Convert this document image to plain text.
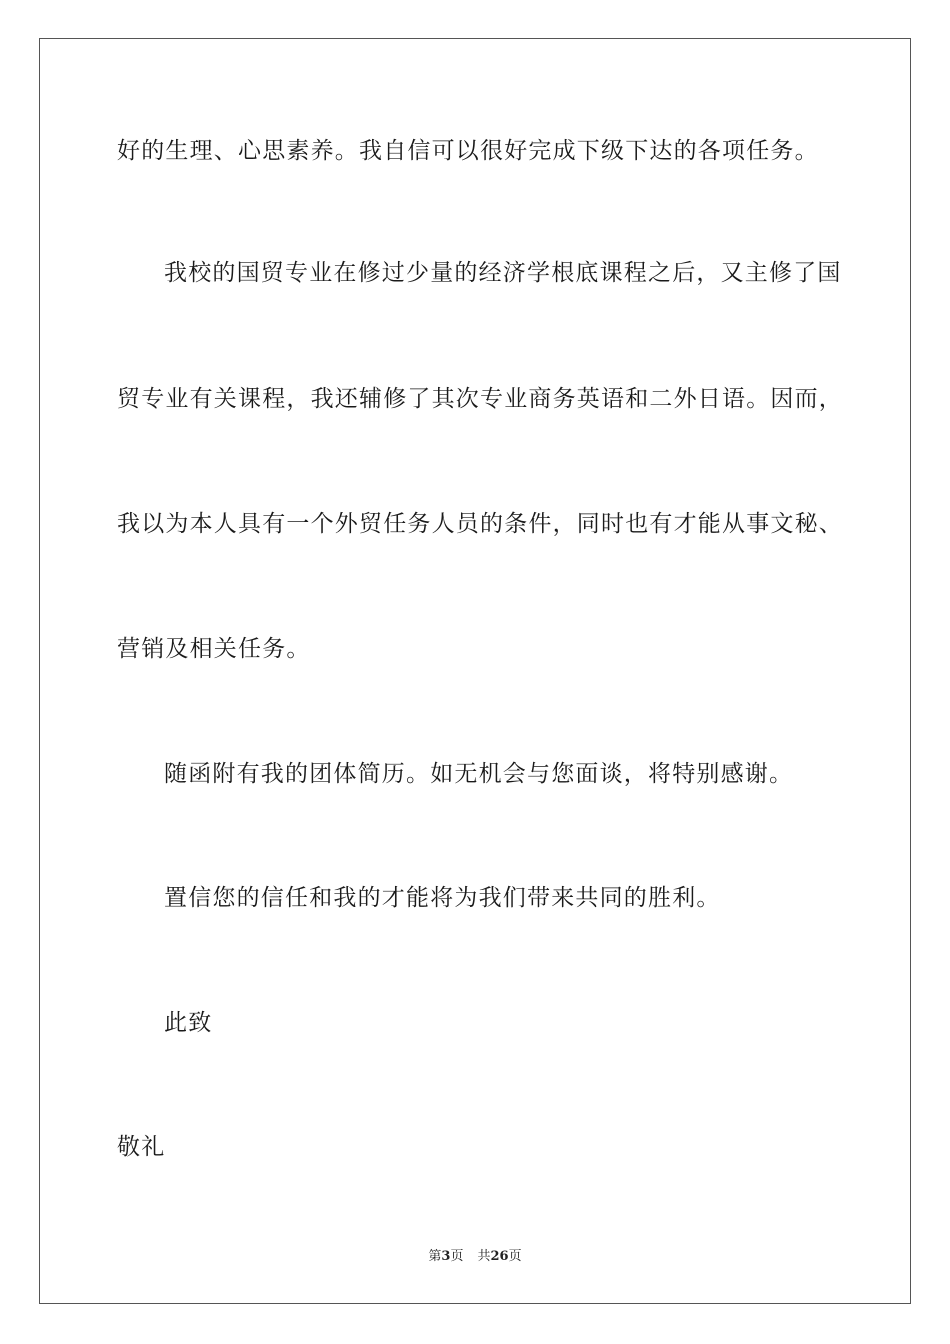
好的生理、心思素养。我自信可以很好完成下级下达的各项任务。

我校的国贸专业在修过少量的经济学根底课程之后，又主修了国

贸专业有关课程，我还辅修了其次专业商务英语和二外日语。因而，

我以为本人具有一个外贸任务人员的条件，同时也有才能从事文秘、

营销及相关任务。

随函附有我的团体简历。如无机会与您面谈，将特别感谢。

置信您的信任和我的才能将为我们带来共同的胜利。

此致

敬礼

第3页 共26页
